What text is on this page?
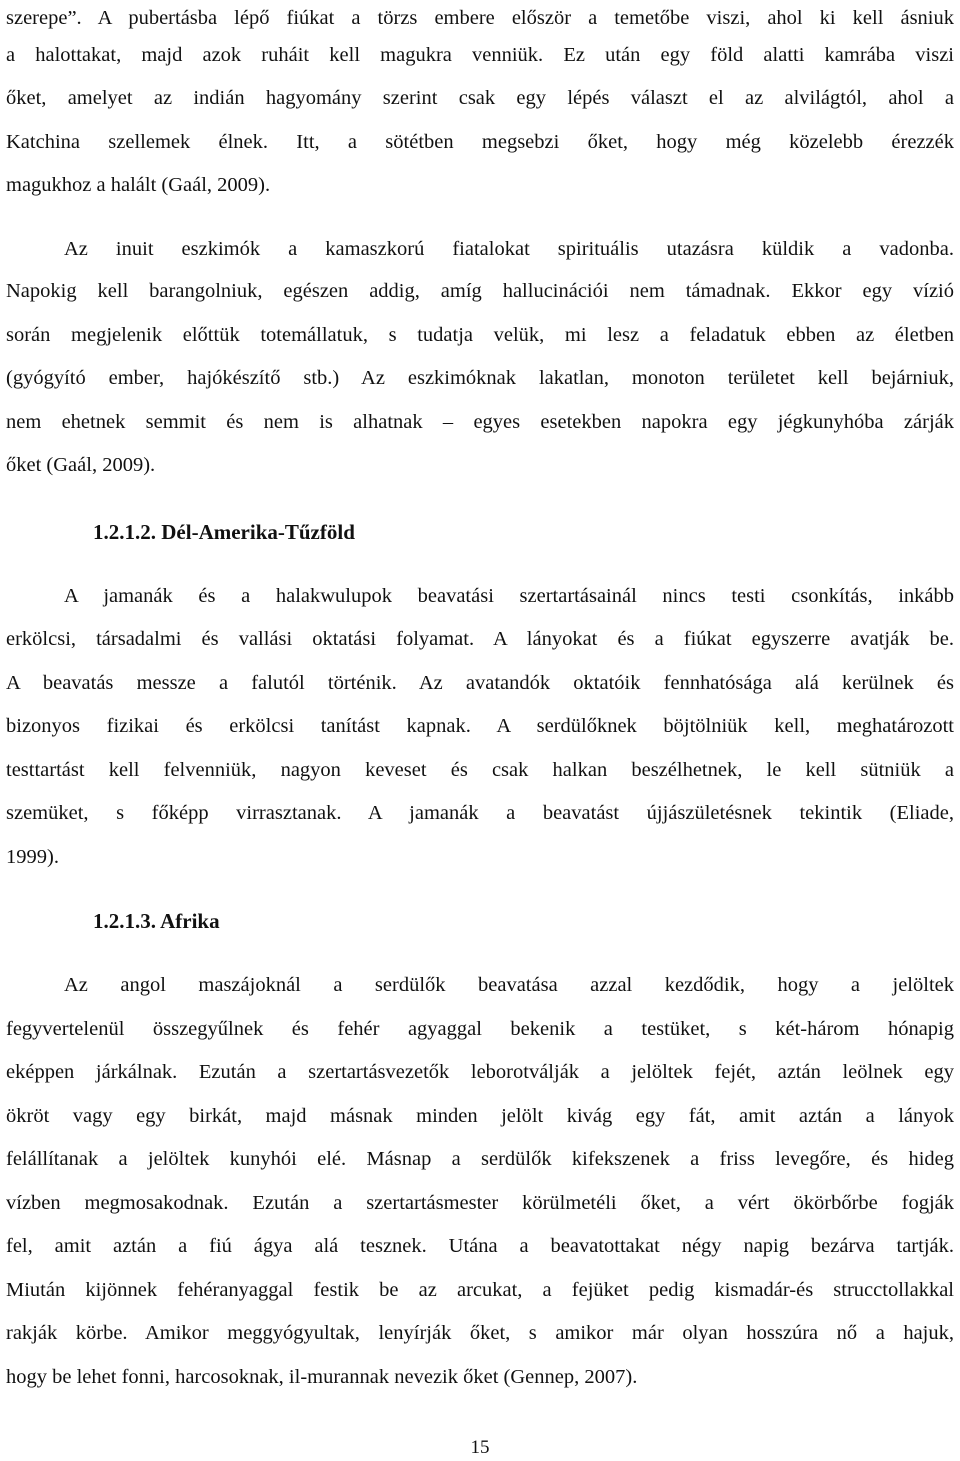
szerepe”. A pubertásba lépő fiúkat a törzs embere először a temetőbe viszi, ahol ki kell ásniuk
a halottakat, majd azok ruháit kell magukra venniük. Ez után egy föld alatti kamrába viszi
őket, amelyet az indián hagyomány szerint csak egy lépés választ el az alvilágtól, ahol a
Katchina szellemek élnek. Itt, a sötétben megsebzi őket, hogy még közelebb érezzék
magukhoz a halált (Gaál, 2009).
Az inuit eszkimók a kamaszkorú fiatalokat spirituális utazásra küldik a vadonba.
Napokig kell barangolniuk, egészen addig, amíg hallucinációi nem támadnak. Ekkor egy vízió
során megjelenik előttük totemállatuk, s tudatja velük, mi lesz a feladatuk ebben az életben
(gyógyító ember, hajókészítő stb.) Az eszkimóknak lakatlan, monoton területet kell bejárniuk,
nem ehetnek semmit és nem is alhatnak – egyes esetekben napokra egy jégkunyhóba zárják
őket (Gaál, 2009).
1.2.1.2. Dél-Amerika-Tűzföld
A jamanák és a halakwulupok beavatási szertartásainál nincs testi csonkítás, inkább
erkölcsi, társadalmi és vallási oktatási folyamat. A lányokat és a fiúkat egyszerre avatják be.
A beavatás messze a falutól történik. Az avatandók oktatóik fennhatósága alá kerülnek és
bizonyos fizikai és erkölcsi tanítást kapnak. A serdülőknek böjtölniük kell, meghatározott
testtartást kell felvenniük, nagyon keveset és csak halkan beszélhetnek, le kell sütniük a
szemüket, s főképp virrasztanak. A jamanák a beavatást újjászületésnek tekintik (Eliade,
1999).
1.2.1.3. Afrika
Az angol maszájoknál a serdülők beavatása azzal kezdődik, hogy a jelöltek
fegyvertelenül összegyűlnek és fehér agyaggal bekenik a testüket, s két-három hónapig
eképpen járkálnak. Ezután a szertartásvezetők leborotválják a jelöltek fejét, aztán leölnek egy
ökröt vagy egy birkát, majd másnak minden jelölt kivág egy fát, amit aztán a lányok
felállítanak a jelöltek kunyhói elé. Másnap a serdülők kifekszenek a friss levegőre, és hideg
vízben megmosakodnak. Ezután a szertartásmester körülmetéli őket, a vért ökörbőrbe fogják
fel, amit aztán a fiú ágya alá tesznek. Utána a beavatottakat négy napig bezárva tartják.
Miután kijönnek fehéranyaggal festik be az arcukat, a fejüket pedig kismadár-és strucctollakkal
rakják körbe. Amikor meggyógyultak, lenyírják őket, s amikor már olyan hosszúra nő a hajuk,
hogy be lehet fonni, harcosoknak, il-murannak nevezik őket (Gennep, 2007).
15
